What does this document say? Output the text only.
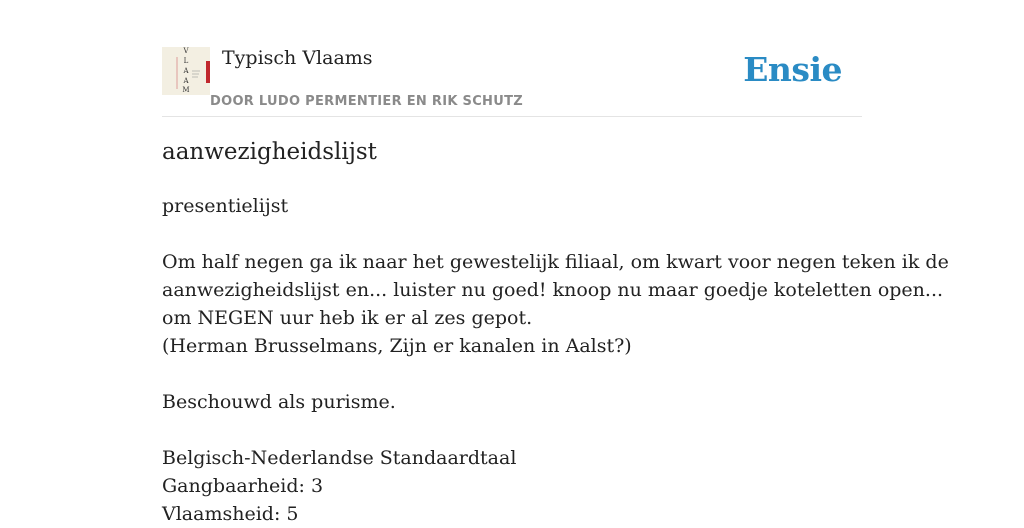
V
L
A
A
M
Typisch Vlaams
DOOR LUDO PERMENTIER EN RIK SCHUTZ
Ensie
aanwezigheidslijst

presentielijst

Om half negen ga ik naar het gewestelijk filiaal, om kwart voor negen teken ik de

aanwezigheidslijst en... luister nu goed! knoop nu maar goedje koteletten open...

om NEGEN uur heb ik er al zes gepot.

(Herman Brusselmans, Zijn er kanalen in Aalst?)

Beschouwd als purisme.

Belgisch-Nederlandse Standaardtaal

Gangbaarheid: 3

Vlaamsheid: 5
